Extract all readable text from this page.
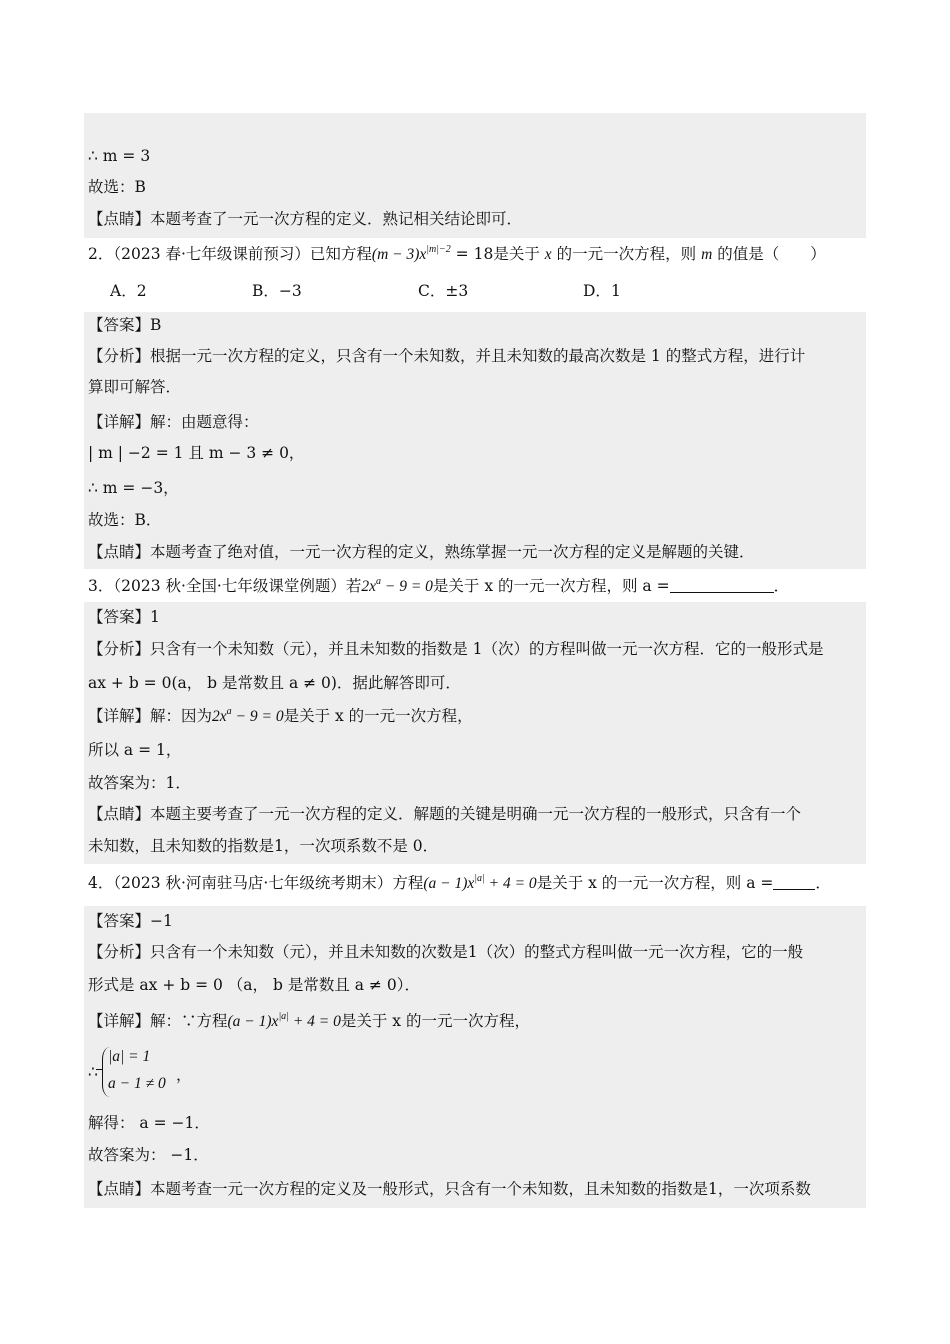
∴ m = 3
故选：B
【点睛】本题考查了一元一次方程的定义．熟记相关结论即可．
2．（2023 春·七年级课前预习）已知方程$(m - 3)x^{|m|-2} = 18$是关于 x 的一元一次方程，则 m 的值是（　　）
A．2	B．−3	C．±3	D．1
【答案】B
【分析】根据一元一次方程的定义，只含有一个未知数，并且未知数的最高次数是 1 的整式方程，进行计
算即可解答．
【详解】解：由题意得：
| m | −2 = 1 且 m − 3 ≠ 0，
∴ m = −3，
故选：B．
【点睛】本题考查了绝对值，一元一次方程的定义，熟练掌握一元一次方程的定义是解题的关键．
3．（2023 秋·全国·七年级课堂例题）若$2x^a - 9 = 0$是关于 x 的一元一次方程，则 a =	．
【答案】1
【分析】只含有一个未知数（元），并且未知数的指数是 1（次）的方程叫做一元一次方程．它的一般形式是
ax + b = 0(a， b 是常数且 a ≠ 0)．据此解答即可．
【详解】解：因为$2x^a - 9 = 0$是关于 x 的一元一次方程，
所以 a = 1，
故答案为：1．
【点睛】本题主要考查了一元一次方程的定义．解题的关键是明确一元一次方程的一般形式，只含有一个
未知数，且未知数的指数是1，一次项系数不是 0．
4．（2023 秋·河南驻马店·七年级统考期末）方程$(a - 1)x^{|a|} + 4 = 0$是关于 x 的一元一次方程，则 a =	．
【答案】−1
【分析】只含有一个未知数（元），并且未知数的次数是1（次）的整式方程叫做一元一次方程，它的一般
形式是 ax + b = 0 （a， b 是常数且 a ≠ 0）．
【详解】解：∵方程$(a - 1)x^{|a|} + 4 = 0$是关于 x 的一元一次方程，
∴
|a| = 1
a − 1 ≠ 0 ，
解得： a = −1．
故答案为： −1．
【点睛】本题考查一元一次方程的定义及一般形式，只含有一个未知数，且未知数的指数是1，一次项系数
